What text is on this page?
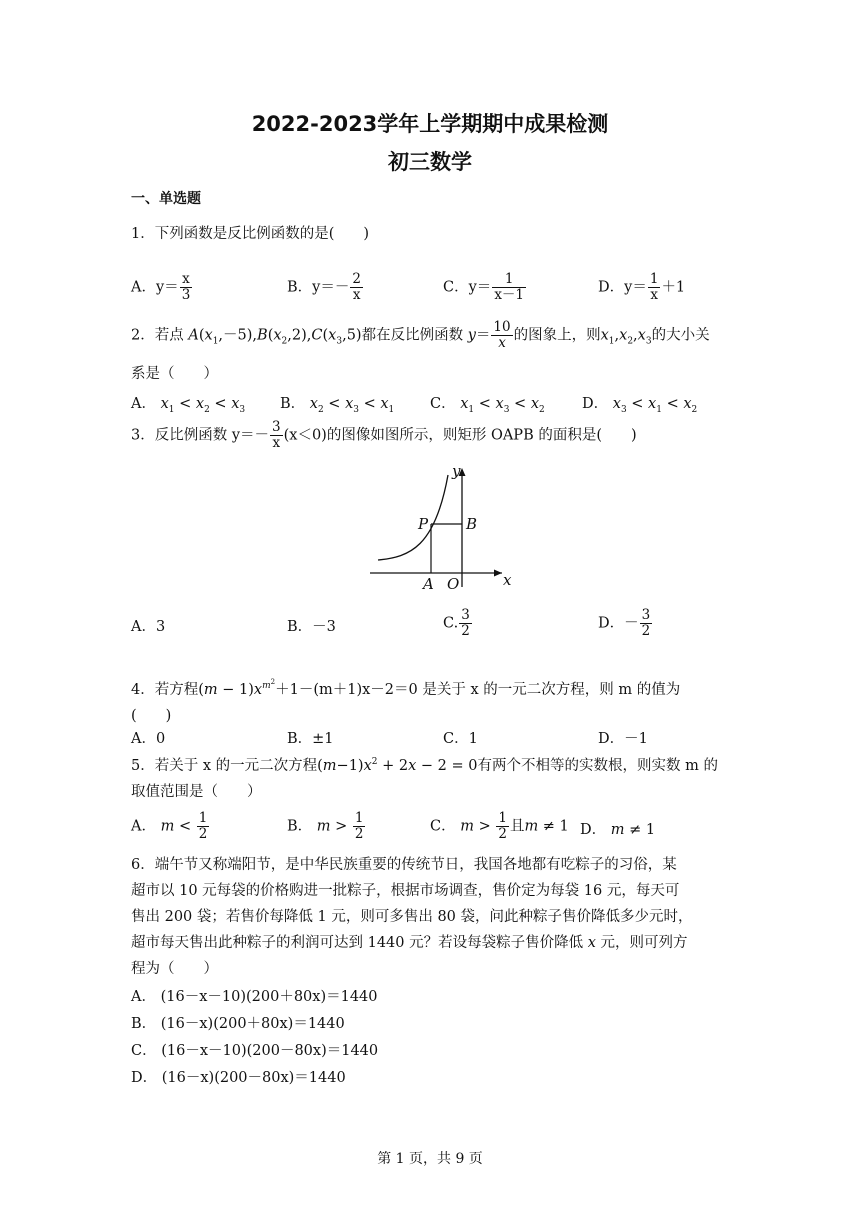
2022-2023学年上学期期中成果检测
初三数学
一、单选题
1．下列函数是反比例函数的是(　　)
A．$y= \frac{x}{3}$	B．$y=- \frac{2}{x}$	C．$y= \frac{1}{x-1}$	D．$y= \frac{1}{x} +1$
2．若点 $A(x_1,-5),B(x_2,2),C(x_3,5)$都在反比例函数 $y= \frac{10}{x}$ 的图象上，则$x_1,x_2,x_3$的大小关
系是（　　）
A． $x_1 < x_2 < x_3$ B． $x_2 < x_3 < x_1$ C． $x_1 < x_3 < x_2$	D． $x_3 < x_1 < x_2$
3．反比例函数 $y=- \frac{3}{x} (x<0)$的图像如图所示，则矩形 OAPB 的面积是(　　)
y
x
P	B
A O
A．3	B．－3	C. $\frac{3}{2}$	D．－ $\frac{3}{2}$
4．若方程$(m - 1)x^{m^2}+1-(m+1)x-2=0$ 是关于 x 的一元二次方程，则 m 的值为
(　　)
A．0	B．±1	C．1	D．－1
5．若关于 x 的一元二次方程$(m-1)x^2 + 2x - 2 = 0$有两个不相等的实数根，则实数 m 的
取值范围是（　　）
A． $m < \frac{1}{2}$	B． $m > \frac{1}{2}$	C． $m > \frac{1}{2}$ 且m ≠ 1 D． m ≠ 1
6．端午节又称端阳节，是中华民族重要的传统节日，我国各地都有吃粽子的习俗，某
超市以 10 元每袋的价格购进一批粽子，根据市场调查，售价定为每袋 16 元，每天可
售出 200 袋；若售价每降低 1 元，则可多售出 80 袋，问此种粽子售价降低多少元时，
超市每天售出此种粽子的利润可达到 1440 元？若设每袋粽子售价降低 x 元，则可列方
程为（　　）
A． (16－x－10)(200＋80x)＝1440
B． (16－x)(200＋80x)＝1440
C． (16－x－10)(200－80x)＝1440
D． (16－x)(200－80x)＝1440
第 1 页，共 9 页
